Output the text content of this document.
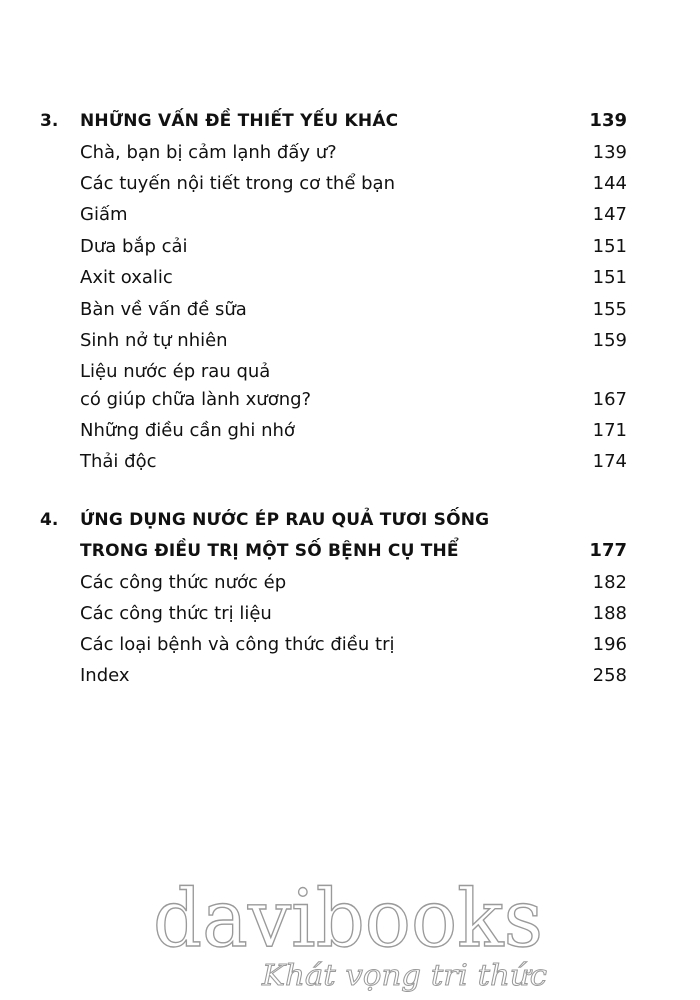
3. NHỮNG VẤN ĐỀ THIẾT YẾU KHÁC	139
Chà, bạn bị cảm lạnh đấy ư?	139
Các tuyến nội tiết trong cơ thể bạn	144
Giấm	147
Dưa bắp cải	151
Axit oxalic	151
Bàn về vấn đề sữa	155
Sinh nở tự nhiên	159
Liệu nước ép rau quả
có giúp chữa lành xương?	167
Những điều cần ghi nhớ	171
Thải độc	174
4. ỨNG DỤNG NƯỚC ÉP RAU QUẢ TƯƠI SỐNG
TRONG ĐIỀU TRỊ MỘT SỐ BỆNH CỤ THỂ	177
Các công thức nước ép	182
Các công thức trị liệu	188
Các loại bệnh và công thức điều trị	196
Index	258
davibooks
Khát vọng tri thức
